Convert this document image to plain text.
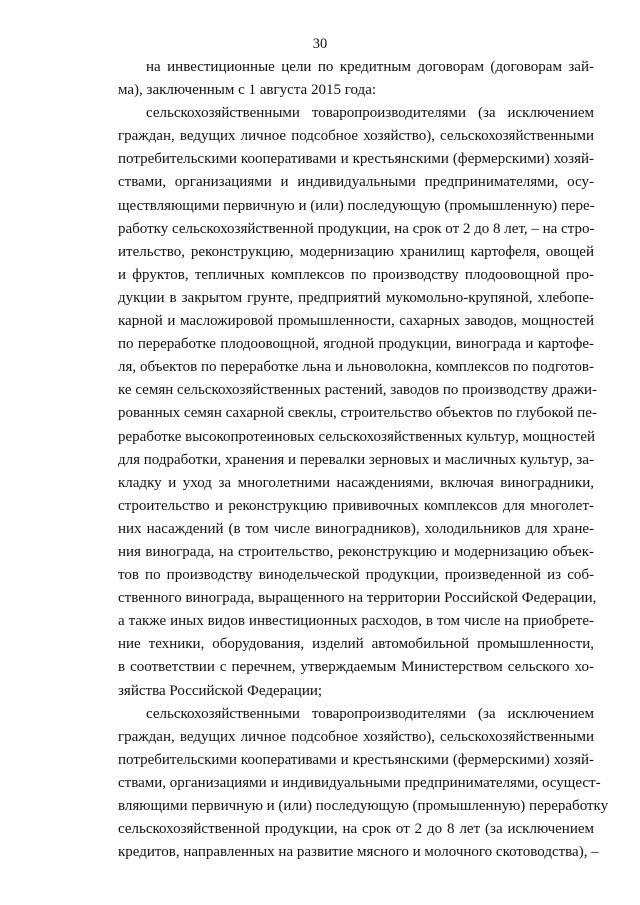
30
на инвестиционные цели по кредитным договорам (договорам зай-
ма), заключенным с 1 августа 2015 года:
сельскохозяйственными товаропроизводителями (за исключением
граждан, ведущих личное подсобное хозяйство), сельскохозяйственными
потребительскими кооперативами и крестьянскими (фермерскими) хозяй-
ствами, организациями и индивидуальными предпринимателями, осу-
ществляющими первичную и (или) последующую (промышленную) пере-
работку сельскохозяйственной продукции, на срок от 2 до 8 лет, – на стро-
ительство, реконструкцию, модернизацию хранилищ картофеля, овощей
и фруктов, тепличных комплексов по производству плодоовощной про-
дукции в закрытом грунте, предприятий мукомольно-крупяной, хлебопе-
карной и масложировой промышленности, сахарных заводов, мощностей
по переработке плодоовощной, ягодной продукции, винограда и картофе-
ля, объектов по переработке льна и льноволокна, комплексов по подготов-
ке семян сельскохозяйственных растений, заводов по производству дражи-
рованных семян сахарной свеклы, строительство объектов по глубокой пе-
реработке высокопротеиновых сельскохозяйственных культур, мощностей
для подработки, хранения и перевалки зерновых и масличных культур, за-
кладку и уход за многолетними насаждениями, включая виноградники,
строительство и реконструкцию прививочных комплексов для многолет-
них насаждений (в том числе виноградников), холодильников для хране-
ния винограда, на строительство, реконструкцию и модернизацию объек-
тов по производству винодельческой продукции, произведенной из соб-
ственного винограда, выращенного на территории Российской Федерации,
а также иных видов инвестиционных расходов, в том числе на приобрете-
ние техники, оборудования, изделий автомобильной промышленности,
в соответствии с перечнем, утверждаемым Министерством сельского хо-
зяйства Российской Федерации;
сельскохозяйственными товаропроизводителями (за исключением
граждан, ведущих личное подсобное хозяйство), сельскохозяйственными
потребительскими кооперативами и крестьянскими (фермерскими) хозяй-
ствами, организациями и индивидуальными предпринимателями, осущест-
вляющими первичную и (или) последующую (промышленную) переработку
сельскохозяйственной продукции, на срок от 2 до 8 лет (за исключением
кредитов, направленных на развитие мясного и молочного скотоводства), –
